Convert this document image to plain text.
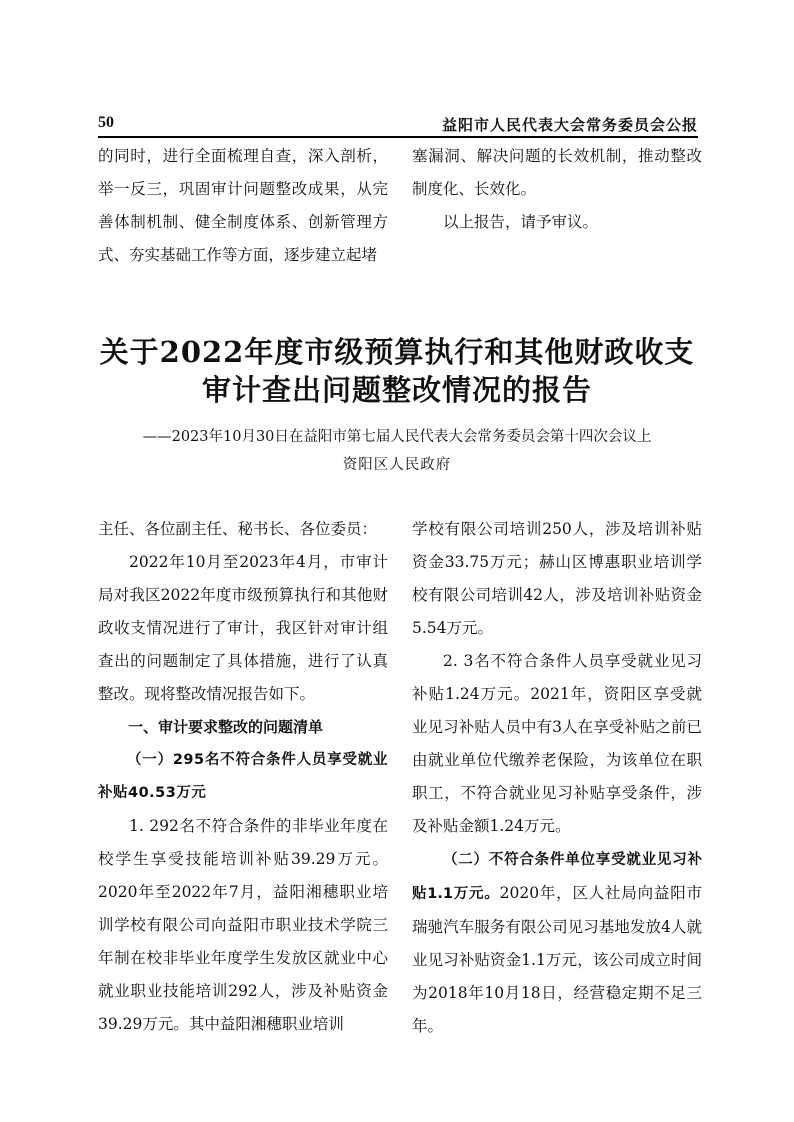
50	益阳市人民代表大会常务委员会公报

的同时，进行全面梳理自查，深入剖析，举一反三，巩固审计问题整改成果，从完善体制机制、健全制度体系、创新管理方式、夯实基础工作等方面，逐步建立起堵

塞漏洞、解决问题的长效机制，推动整改制度化、长效化。

以上报告，请予审议。

关于2022年度市级预算执行和其他财政收支
审计查出问题整改情况的报告
——2023年10月30日在益阳市第七届人民代表大会常务委员会第十四次会议上
资阳区人民政府

主任、各位副主任、秘书长、各位委员：

2022年10月至2023年4月，市审计局对我区2022年度市级预算执行和其他财政收支情况进行了审计，我区针对审计组查出的问题制定了具体措施，进行了认真整改。现将整改情况报告如下。

一、审计要求整改的问题清单

（一）295名不符合条件人员享受就业补贴40.53万元

1. 292名不符合条件的非毕业年度在校学生享受技能培训补贴39.29万元。2020年至2022年7月，益阳湘穗职业培训学校有限公司向益阳市职业技术学院三年制在校非毕业年度学生发放区就业中心就业职业技能培训292人，涉及补贴资金39.29万元。其中益阳湘穗职业培训

学校有限公司培训250人，涉及培训补贴资金33.75万元；赫山区博惠职业培训学校有限公司培训42人，涉及培训补贴资金5.54万元。

2. 3名不符合条件人员享受就业见习补贴1.24万元。2021年，资阳区享受就业见习补贴人员中有3人在享受补贴之前已由就业单位代缴养老保险，为该单位在职职工，不符合就业见习补贴享受条件，涉及补贴金额1.24万元。

（二）不符合条件单位享受就业见习补贴1.1万元。2020年，区人社局向益阳市瑞驰汽车服务有限公司见习基地发放4人就业见习补贴资金1.1万元，该公司成立时间为2018年10月18日，经营稳定期不足三年。
